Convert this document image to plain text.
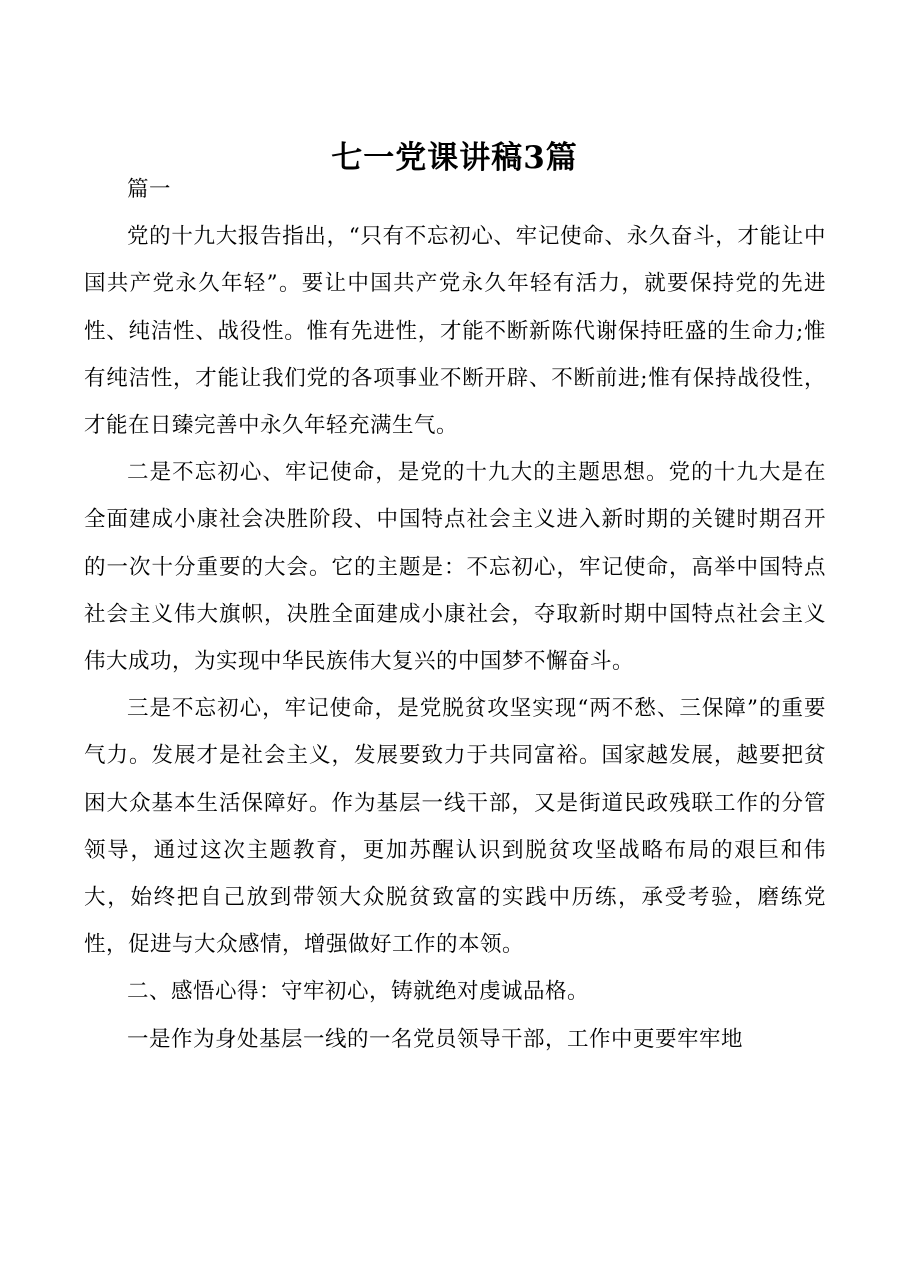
七一党课讲稿3篇

篇一

党的十九大报告指出，“只有不忘初心、牢记使命、永久奋斗，才能让中国共产党永久年轻”。要让中国共产党永久年轻有活力，就要保持党的先进性、纯洁性、战役性。惟有先进性，才能不断新陈代谢保持旺盛的生命力;惟有纯洁性，才能让我们党的各项事业不断开辟、不断前进;惟有保持战役性，才能在日臻完善中永久年轻充满生气。

二是不忘初心、牢记使命，是党的十九大的主题思想。党的十九大是在全面建成小康社会决胜阶段、中国特点社会主义进入新时期的关键时期召开的一次十分重要的大会。它的主题是：不忘初心，牢记使命，高举中国特点社会主义伟大旗帜，决胜全面建成小康社会，夺取新时期中国特点社会主义伟大成功，为实现中华民族伟大复兴的中国梦不懈奋斗。

三是不忘初心，牢记使命，是党脱贫攻坚实现“两不愁、三保障”的重要气力。发展才是社会主义，发展要致力于共同富裕。国家越发展，越要把贫困大众基本生活保障好。作为基层一线干部，又是街道民政残联工作的分管领导，通过这次主题教育，更加苏醒认识到脱贫攻坚战略布局的艰巨和伟大，始终把自己放到带领大众脱贫致富的实践中历练，承受考验，磨练党性，促进与大众感情，增强做好工作的本领。

二、感悟心得：守牢初心，铸就绝对虔诚品格。

一是作为身处基层一线的一名党员领导干部，工作中更要牢牢地
